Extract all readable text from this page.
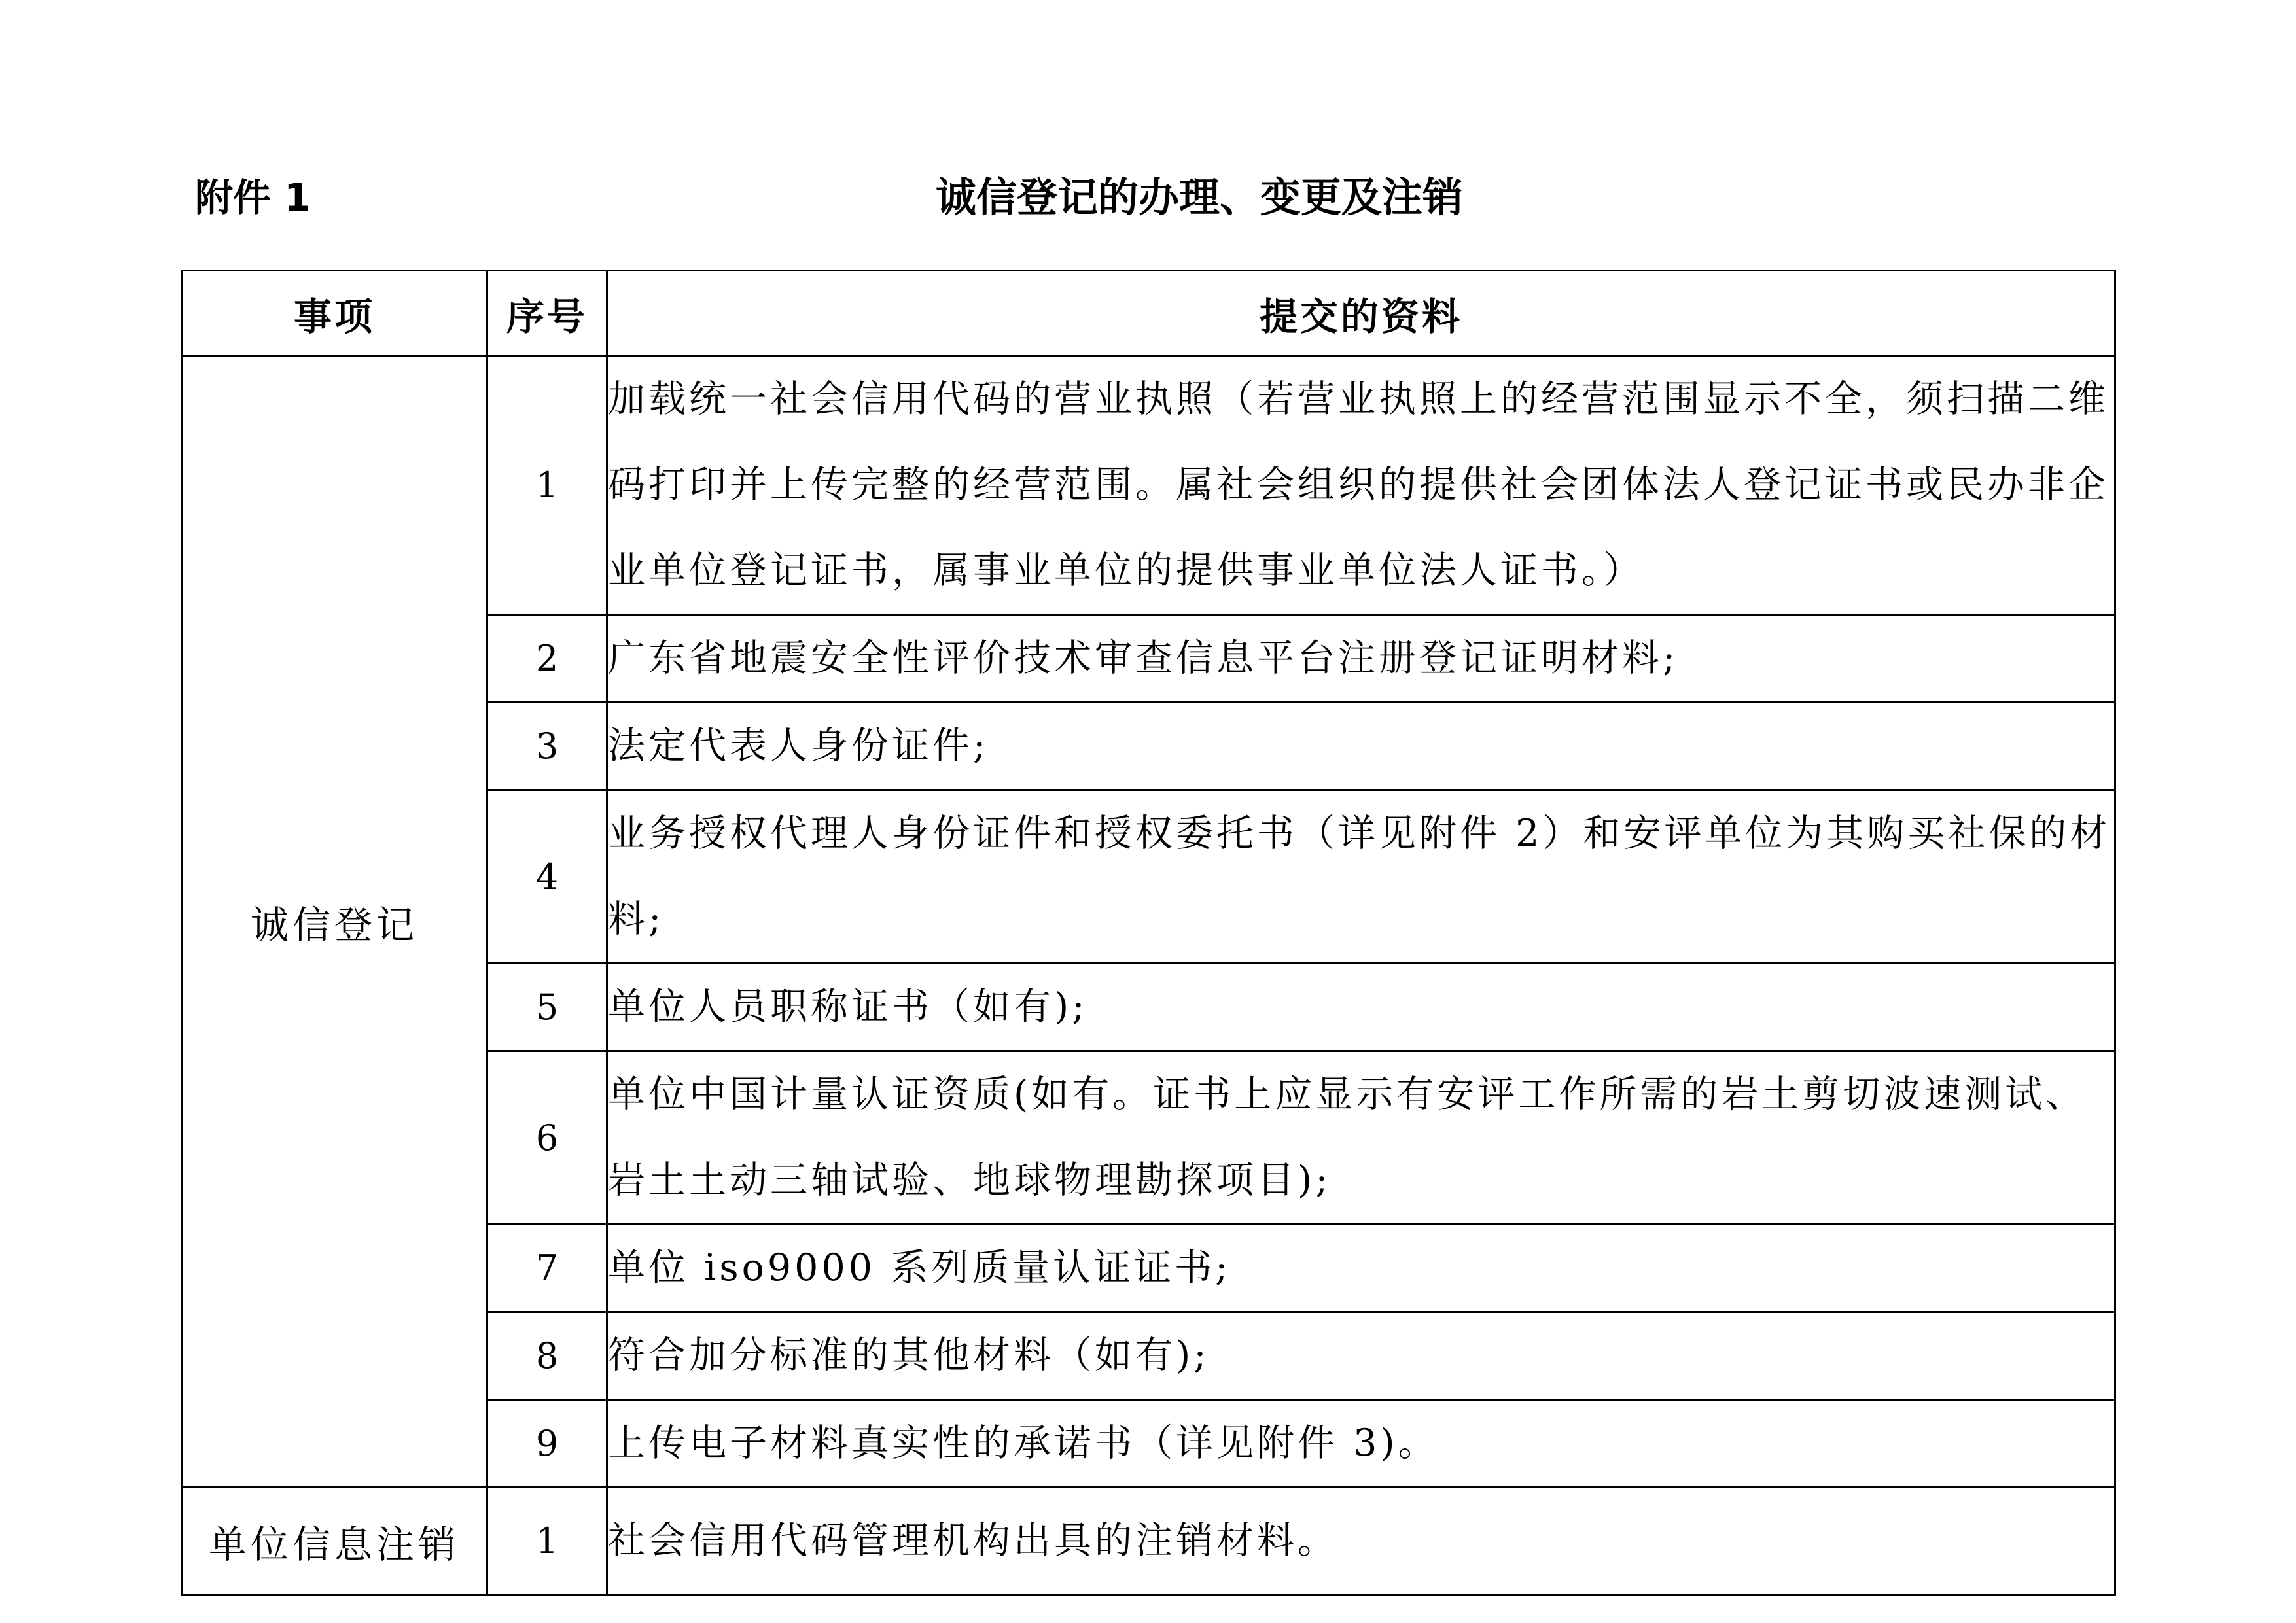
附件 1	诚信登记的办理、变更及注销
事项	序号	提交的资料
诚信登记	1	加载统一社会信用代码的营业执照（若营业执照上的经营范围显示不全，须扫描二维码打印并上传完整的经营范围。属社会组织的提供社会团体法人登记证书或民办非企业单位登记证书，属事业单位的提供事业单位法人证书。）
	2	广东省地震安全性评价技术审查信息平台注册登记证明材料;
	3	法定代表人身份证件;
	4	业务授权代理人身份证件和授权委托书（详见附件 2）和安评单位为其购买社保的材料;
	5	单位人员职称证书（如有);
	6	单位中国计量认证资质(如有。证书上应显示有安评工作所需的岩土剪切波速测试、岩土土动三轴试验、地球物理勘探项目);
	7	单位 iso9000 系列质量认证证书;
	8	符合加分标准的其他材料（如有);
	9	上传电子材料真实性的承诺书（详见附件 3)。
单位信息注销	1	社会信用代码管理机构出具的注销材料。
